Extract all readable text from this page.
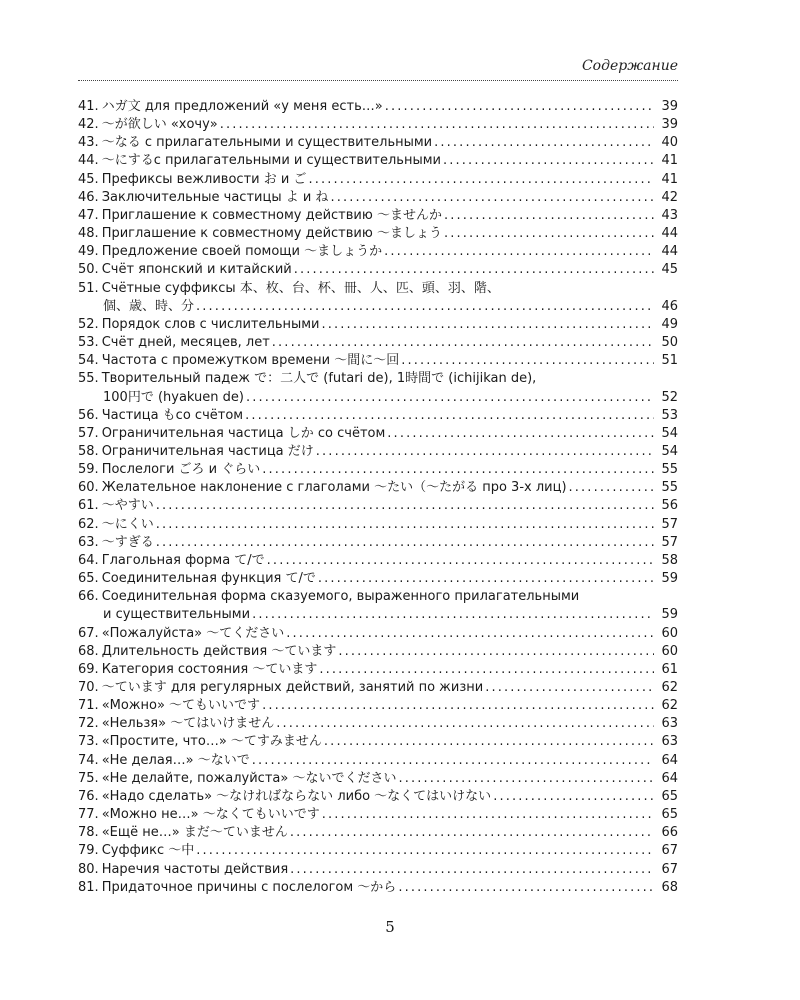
Содержание
41. ハガ文 для предложений «у меня есть…» . . .	39
42. ～が欲しい «хочу» . . .	39
43. ～なる с прилагательными и существительными . . .	40
44. ～にするс прилагательными и существительными . . .	41
45. Префиксы вежливости お и ご . . .	41
46. Заключительные частицы よ и ね . . .	42
47. Приглашение к совместному действию ～ませんか . . .	43
48. Приглашение к совместному действию ～ましょう . . .	44
49. Предложение своей помощи ～ましょうか . . .	44
50. Счёт японский и китайский . . .	45
51. Счётные суффиксы 本、枚、台、杯、冊、人、匹、頭、羽、階、
個、歳、時、分 . . .	46
52. Порядок слов с числительными . . .	49
53. Счёт дней, месяцев, лет . . .	50
54. Частота с промежутком времени ～間に～回 . . .	51
55. Творительный падеж で：二人で (futari de), 1時間で (ichijikan de),
100円で (hyakuen de) . . .	52
56. Частица もсо счётом . . .	53
57. Ограничительная частица しか со счётом . . .	54
58. Ограничительная частица だけ . . .	54
59. Послелоги ごろ и ぐらい . . .	55
60. Желательное наклонение с глаголами ～たい（～たがる про 3-х лиц) . . .	55
61. ～やすい . . .	56
62. ～にくい . . .	57
63. ～すぎる . . .	57
64. Глагольная форма て/で . . .	58
65. Соединительная функция て/で . . .	59
66. Соединительная форма сказуемого, выраженного прилагательными
и существительными . . .	59
67. «Пожалуйста» ～てください . . .	60
68. Длительность действия ～ています . . .	60
69. Категория состояния ～ています . . .	61
70. ～ています для регулярных действий, занятий по жизни . . .	62
71. «Можно» ～てもいいです . . .	62
72. «Нельзя» ～てはいけません . . .	63
73. «Простите, что…» ～てすみません . . .	63
74. «Не делая…» ～ないで . . .	64
75. «Не делайте, пожалуйста» ～ないでください . . .	64
76. «Надо сделать» ～なければならない либо ～なくてはいけない . . .	65
77. «Можно не…» ～なくてもいいです . . .	65
78. «Ещё не…» まだ～ていません . . .	66
79. Суффикс ～中 . . .	67
80. Наречия частоты действия . . .	67
81. Придаточное причины с послелогом ～から . . .	68
5
